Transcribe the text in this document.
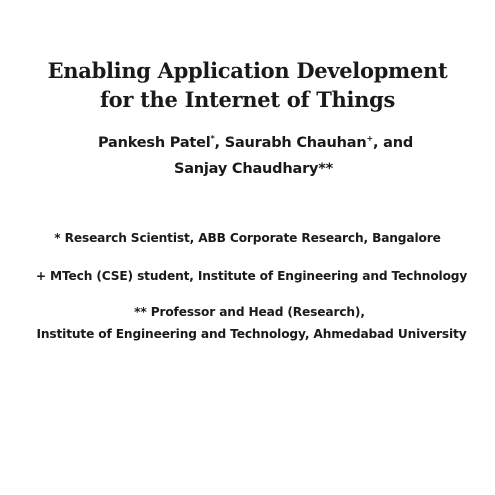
Enabling Application Development
for the Internet of Things
Pankesh Patel*, Saurabh Chauhan+, and
Sanjay Chaudhary**
* Research Scientist, ABB Corporate Research, Bangalore
+ MTech (CSE) student, Institute of Engineering and Technology
** Professor and Head (Research),
Institute of Engineering and Technology, Ahmedabad University
